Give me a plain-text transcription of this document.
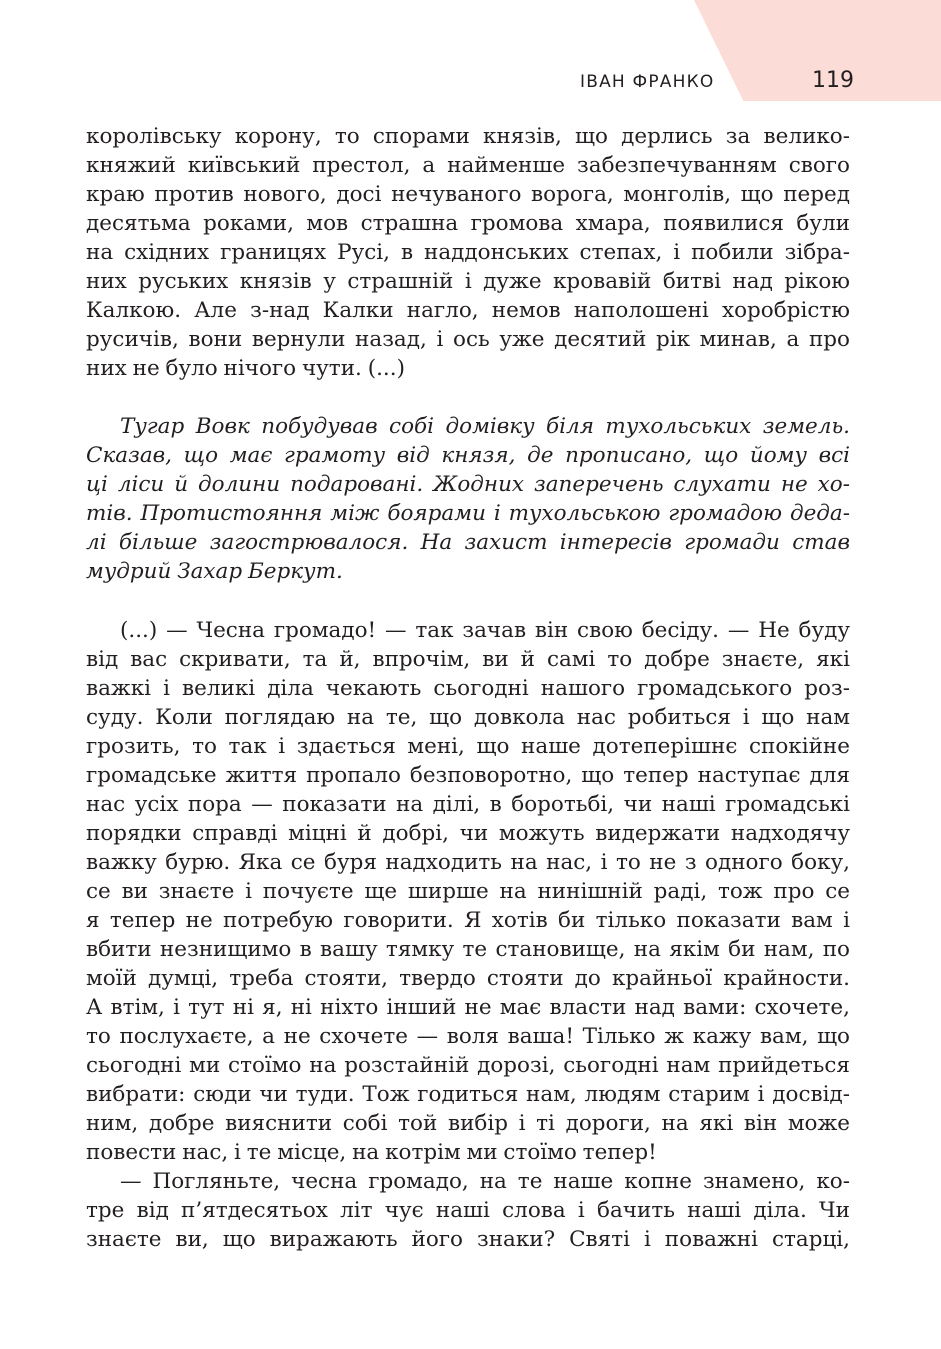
ІВАН ФРАНКО	119
королівську корону, то спорами князів, що дерлись за велико-
княжий київський престол, а найменше забезпечуванням свого
краю против нового, досі нечуваного ворога, монголів, що перед
десятьма роками, мов страшна громова хмара, появилися були
на східних границях Русі, в наддонських степах, і побили зібра-
них руських князів у страшній і дуже кровавій битві над рікою
Калкою. Але з-над Калки нагло, немов наполошені хоробрістю
русичів, вони вернули назад, і ось уже десятий рік минав, а про
них не було нічого чути. (...)
Тугар Вовк побудував собі домівку біля тухольських земель.
Сказав, що має грамоту від князя, де прописано, що йому всі
ці ліси й долини подаровані. Жодних заперечень слухати не хо-
тів. Протистояння між боярами і тухольською громадою деда-
лі більше загострювалося. На захист інтересів громади став
мудрий Захар Беркут.
(...) — Чесна громадо! — так зачав він свою бесіду. — Не буду
від вас скривати, та й, впрочім, ви й самі то добре знаєте, які
важкі і великі діла чекають сьогодні нашого громадського роз-
суду. Коли поглядаю на те, що довкола нас робиться і що нам
грозить, то так і здається мені, що наше дотеперішнє спокійне
громадське життя пропало безповоротно, що тепер наступає для
нас усіх пора — показати на ділі, в боротьбі, чи наші громадські
порядки справді міцні й добрі, чи можуть видержати надходячу
важку бурю. Яка се буря надходить на нас, і то не з одного боку,
се ви знаєте і почуєте ще ширше на нинішній раді, тож про се
я тепер не потребую говорити. Я хотів би тілько показати вам і
вбити незнищимо в вашу тямку те становище, на якім би нам, по
моїй думці, треба стояти, твердо стояти до крайньої крайности.
А втім, і тут ні я, ні ніхто інший не має власти над вами: схочете,
то послухаєте, а не схочете — воля ваша! Тілько ж кажу вам, що
сьогодні ми стоїмо на розстайній дорозі, сьогодні нам прийдеться
вибрати: сюди чи туди. Тож годиться нам, людям старим і досвід-
ним, добре вияснити собі той вибір і ті дороги, на які він може
повести нас, і те місце, на котрім ми стоїмо тепер!
— Погляньте, чесна громадо, на те наше копне знамено, ко-
тре від п’ятдесятьох літ чує наші слова і бачить наші діла. Чи
знаєте ви, що виражають його знаки? Святі і поважні старці,
